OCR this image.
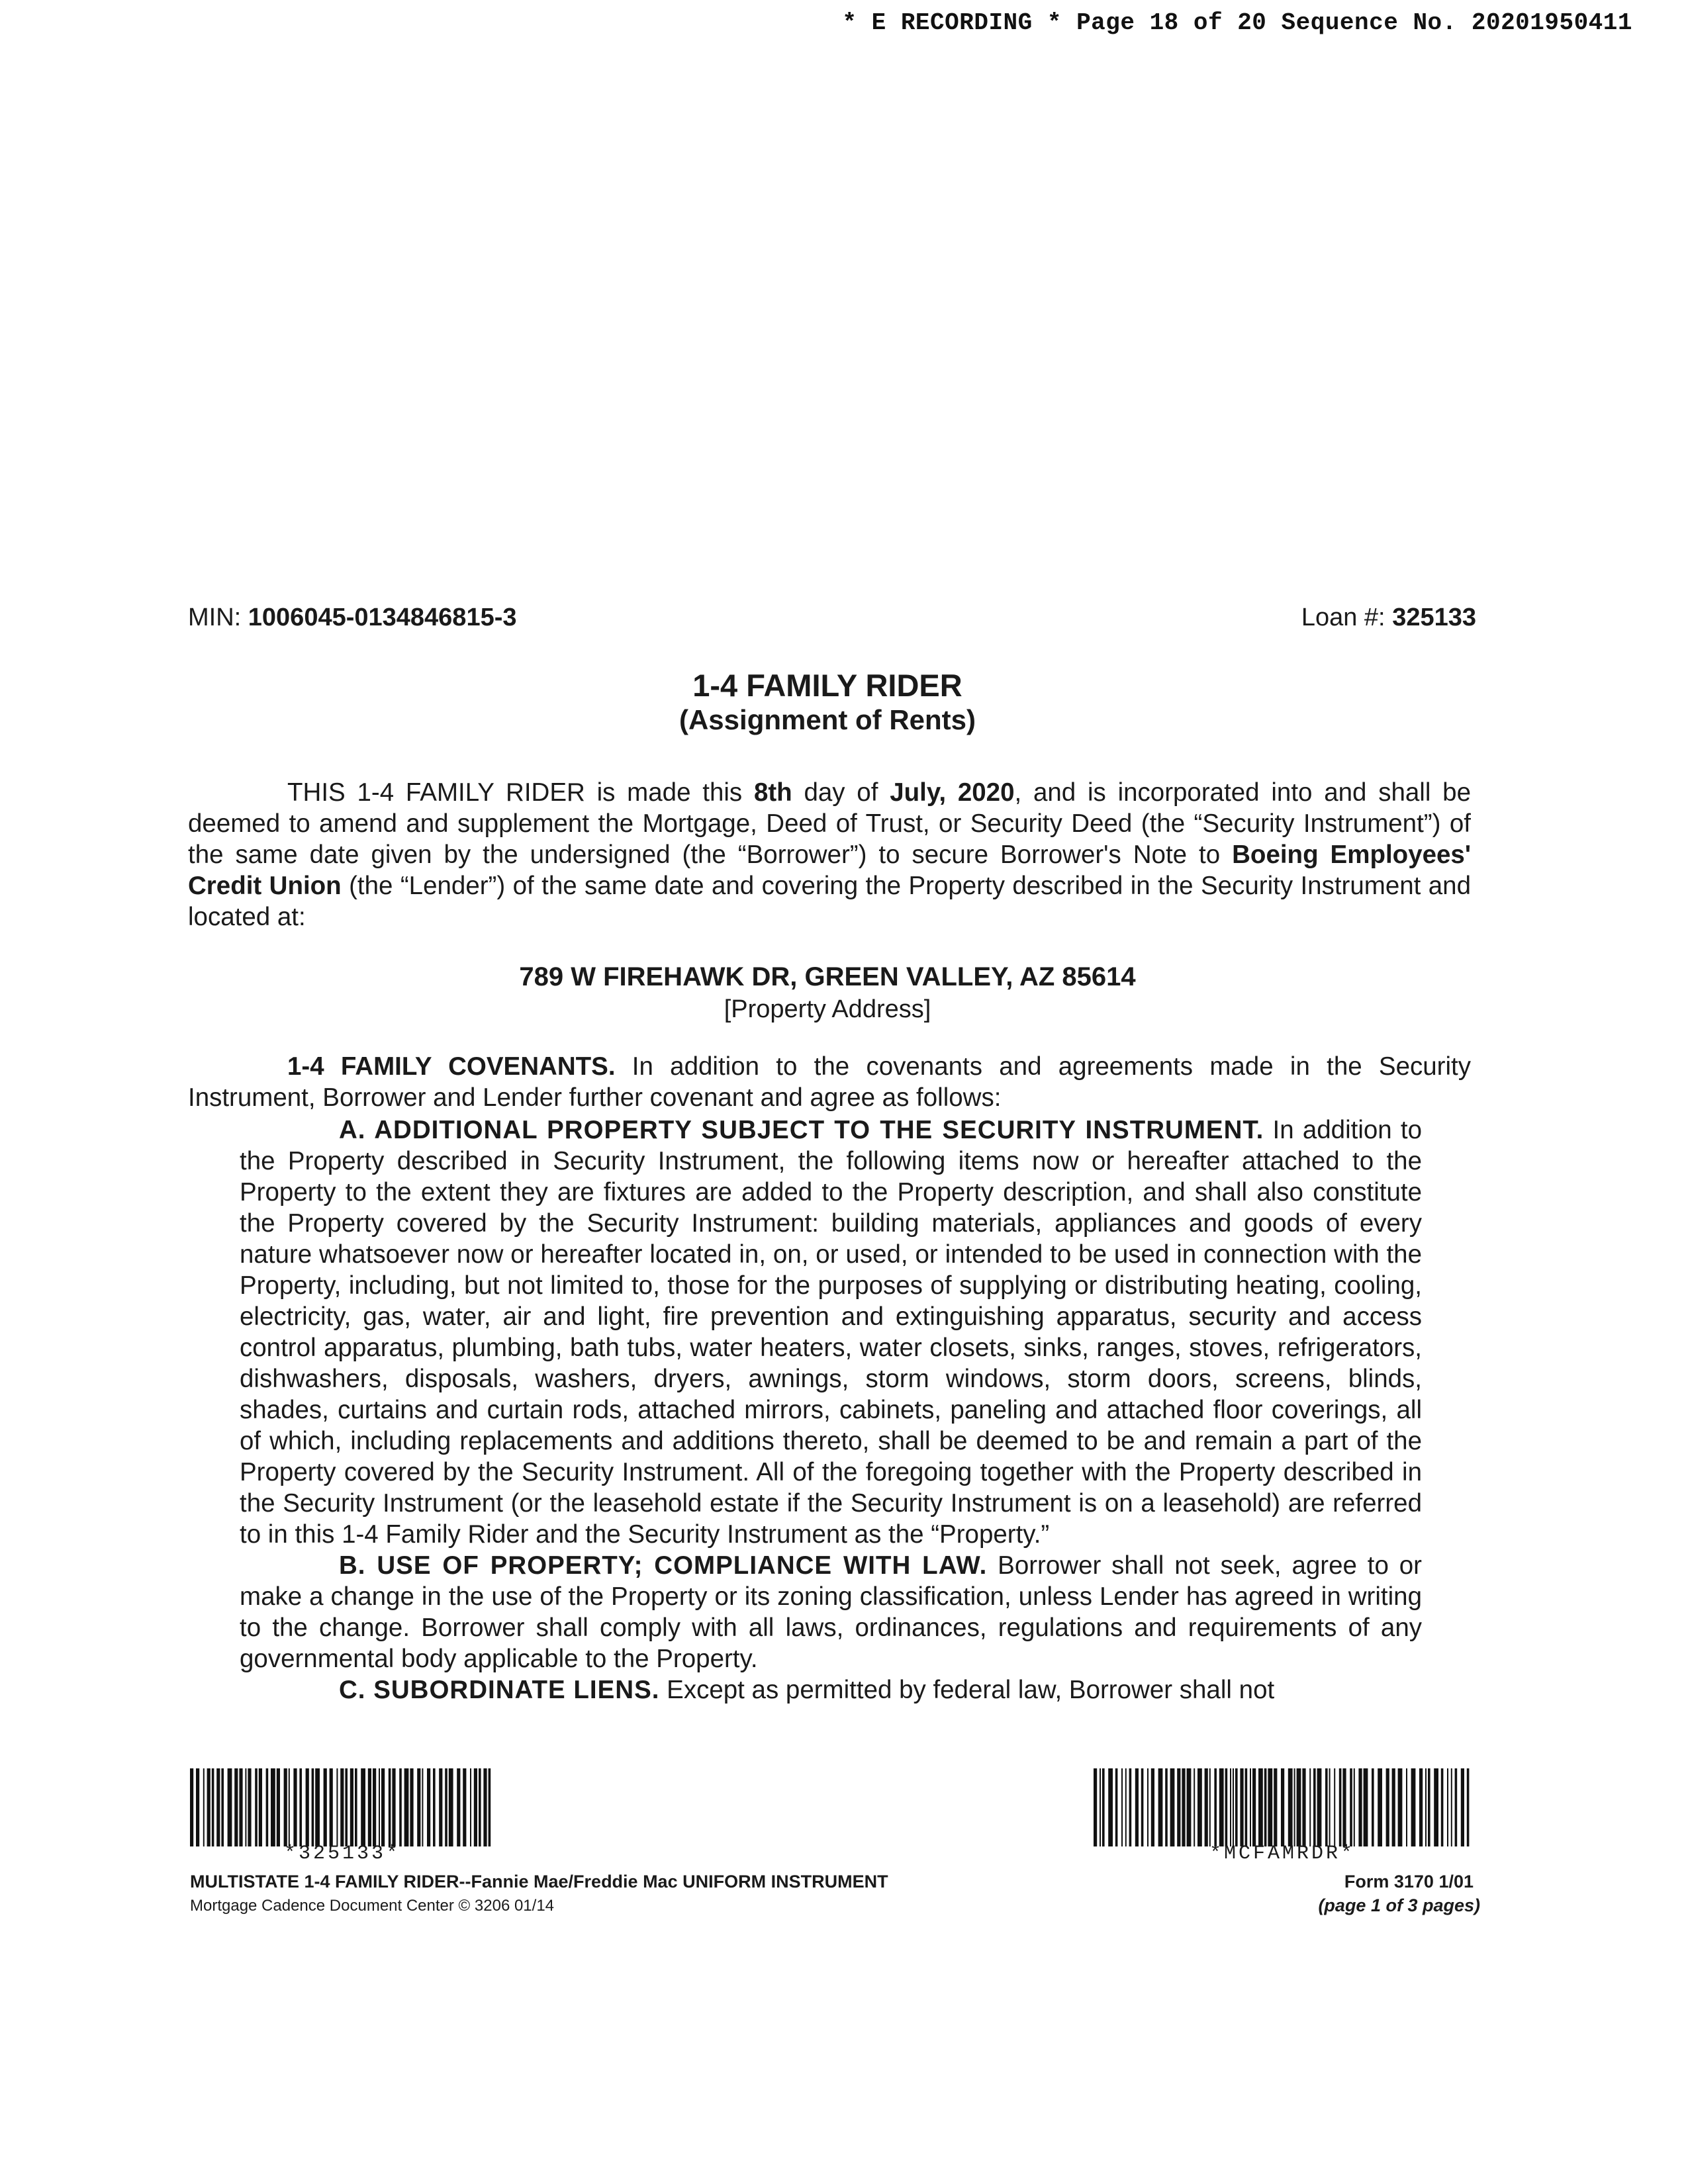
* E RECORDING * Page 18 of 20 Sequence No. 20201950411
MIN: 1006045-0134846815-3	Loan #: 325133
1-4 FAMILY RIDER
(Assignment of Rents)
THIS 1-4 FAMILY RIDER is made this 8th day of July, 2020, and is incorporated into and shall be deemed to amend and supplement the Mortgage, Deed of Trust, or Security Deed (the “Security Instrument”) of the same date given by the undersigned (the “Borrower”) to secure Borrower's Note to Boeing Employees' Credit Union (the “Lender”) of the same date and covering the Property described in the Security Instrument and located at:
789 W FIREHAWK DR, GREEN VALLEY, AZ 85614
[Property Address]
1-4 FAMILY COVENANTS. In addition to the covenants and agreements made in the Security Instrument, Borrower and Lender further covenant and agree as follows:

A. ADDITIONAL PROPERTY SUBJECT TO THE SECURITY INSTRUMENT. In addition to the Property described in Security Instrument, the following items now or hereafter attached to the Property to the extent they are fixtures are added to the Property description, and shall also constitute the Property covered by the Security Instrument: building materials, appliances and goods of every nature whatsoever now or hereafter located in, on, or used, or intended to be used in connection with the Property, including, but not limited to, those for the purposes of supplying or distributing heating, cooling, electricity, gas, water, air and light, fire prevention and extinguishing apparatus, security and access control apparatus, plumbing, bath tubs, water heaters, water closets, sinks, ranges, stoves, refrigerators, dishwashers, disposals, washers, dryers, awnings, storm windows, storm doors, screens, blinds, shades, curtains and curtain rods, attached mirrors, cabinets, paneling and attached floor coverings, all of which, including replacements and additions thereto, shall be deemed to be and remain a part of the Property covered by the Security Instrument. All of the foregoing together with the Property described in the Security Instrument (or the leasehold estate if the Security Instrument is on a leasehold) are referred to in this 1-4 Family Rider and the Security Instrument as the “Property.”

B. USE OF PROPERTY; COMPLIANCE WITH LAW. Borrower shall not seek, agree to or make a change in the use of the Property or its zoning classification, unless Lender has agreed in writing to the change. Borrower shall comply with all laws, ordinances, regulations and requirements of any governmental body applicable to the Property.

C. SUBORDINATE LIENS. Except as permitted by federal law, Borrower shall not

*325133*	*MCFAMRDR*
MULTISTATE 1-4 FAMILY RIDER--Fannie Mae/Freddie Mac UNIFORM INSTRUMENT
Mortgage Cadence Document Center © 3206 01/14
Form 3170 1/01
(page 1 of 3 pages)
